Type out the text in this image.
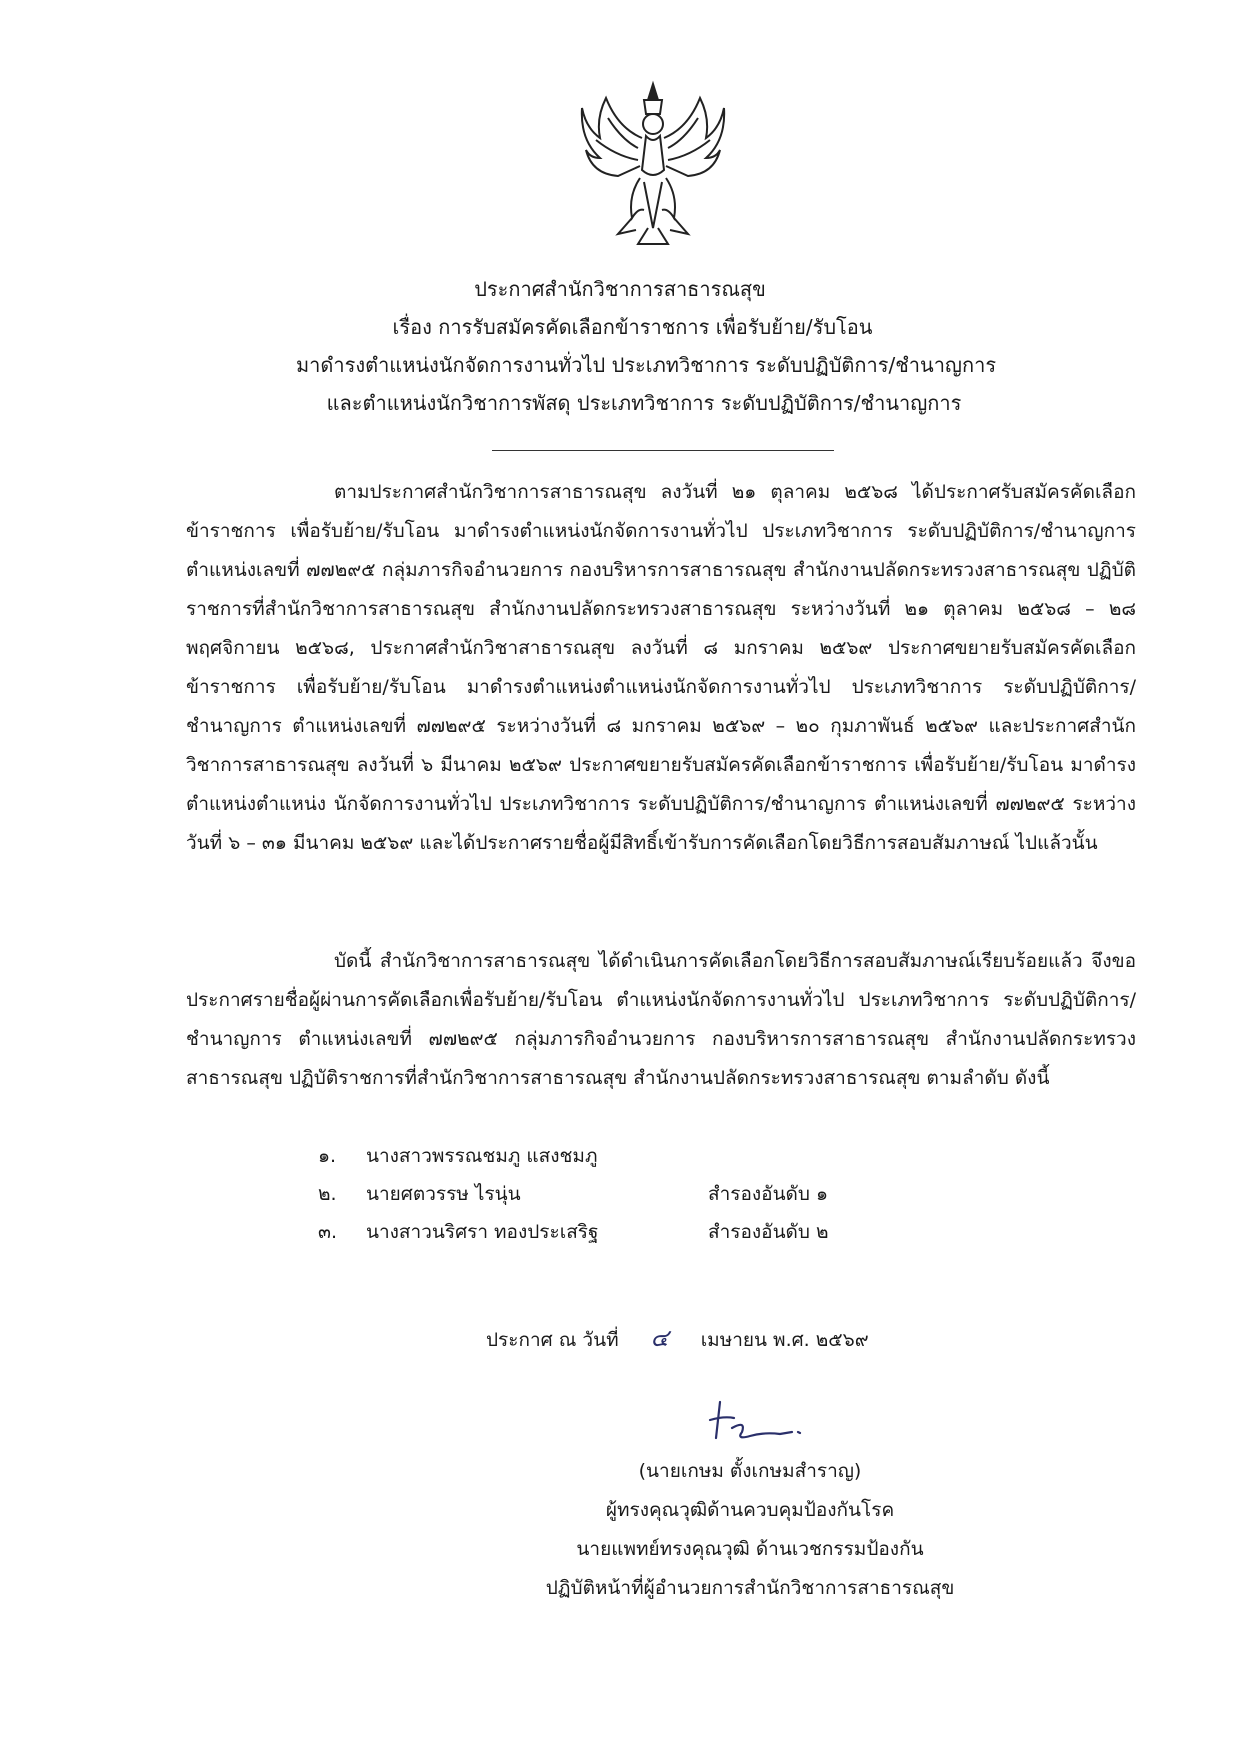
ประกาศสำนักวิชาการสาธารณสุข
เรื่อง การรับสมัครคัดเลือกข้าราชการ เพื่อรับย้าย/รับโอน
มาดำรงตำแหน่งนักจัดการงานทั่วไป ประเภทวิชาการ ระดับปฏิบัติการ/ชำนาญการ
และตำแหน่งนักวิชาการพัสดุ ประเภทวิชาการ ระดับปฏิบัติการ/ชำนาญการ
ตามประกาศสำนักวิชาการสาธารณสุข ลงวันที่ ๒๑ ตุลาคม ๒๕๖๘ ได้ประกาศรับสมัครคัดเลือกข้าราชการ เพื่อรับย้าย/รับโอน มาดำรงตำแหน่งนักจัดการงานทั่วไป ประเภทวิชาการ ระดับปฏิบัติการ/ชำนาญการ ตำแหน่งเลขที่ ๗๗๒๙๕ กลุ่มภารกิจอำนวยการ กองบริหารการสาธารณสุข สำนักงานปลัดกระทรวงสาธารณสุข ปฏิบัติราชการที่สำนักวิชาการสาธารณสุข สำนักงานปลัดกระทรวงสาธารณสุข ระหว่างวันที่ ๒๑ ตุลาคม ๒๕๖๘ – ๒๘ พฤศจิกายน ๒๕๖๘, ประกาศสำนักวิชาสาธารณสุข ลงวันที่ ๘ มกราคม ๒๕๖๙ ประกาศขยายรับสมัครคัดเลือกข้าราชการ เพื่อรับย้าย/รับโอน มาดำรงตำแหน่งตำแหน่งนักจัดการงานทั่วไป ประเภทวิชาการ ระดับปฏิบัติการ/ชำนาญการ ตำแหน่งเลขที่ ๗๗๒๙๕ ระหว่างวันที่ ๘ มกราคม ๒๕๖๙ – ๒๐ กุมภาพันธ์ ๒๕๖๙ และประกาศสำนักวิชาการสาธารณสุข ลงวันที่ ๖ มีนาคม ๒๕๖๙ ประกาศขยายรับสมัครคัดเลือกข้าราชการ เพื่อรับย้าย/รับโอน มาดำรงตำแหน่งตำแหน่ง นักจัดการงานทั่วไป ประเภทวิชาการ ระดับปฏิบัติการ/ชำนาญการ ตำแหน่งเลขที่ ๗๗๒๙๕ ระหว่างวันที่ ๖ – ๓๑ มีนาคม ๒๕๖๙ และได้ประกาศรายชื่อผู้มีสิทธิ์เข้ารับการคัดเลือกโดยวิธีการสอบสัมภาษณ์ ไปแล้วนั้น
บัดนี้ สำนักวิชาการสาธารณสุข ได้ดำเนินการคัดเลือกโดยวิธีการสอบสัมภาษณ์เรียบร้อยแล้ว จึงขอประกาศรายชื่อผู้ผ่านการคัดเลือกเพื่อรับย้าย/รับโอน ตำแหน่งนักจัดการงานทั่วไป ประเภทวิชาการ ระดับปฏิบัติการ/ชำนาญการ ตำแหน่งเลขที่ ๗๗๒๙๕ กลุ่มภารกิจอำนวยการ กองบริหารการสาธารณสุข สำนักงานปลัดกระทรวงสาธารณสุข ปฏิบัติราชการที่สำนักวิชาการสาธารณสุข สำนักงานปลัดกระทรวงสาธารณสุข ตามลำดับ ดังนี้
๑. นางสาวพรรณชมภู แสงชมภู
๒. นายศตวรรษ ไรนุ่น	สำรองอันดับ ๑
๓. นางสาวนริศรา ทองประเสริฐ	สำรองอันดับ ๒
ประกาศ ณ วันที่ ๔ เมษายน พ.ศ. ๒๕๖๙
(นายเกษม ตั้งเกษมสำราญ)
ผู้ทรงคุณวุฒิด้านควบคุมป้องกันโรค
นายแพทย์ทรงคุณวุฒิ ด้านเวชกรรมป้องกัน
ปฏิบัติหน้าที่ผู้อำนวยการสำนักวิชาการสาธารณสุข
